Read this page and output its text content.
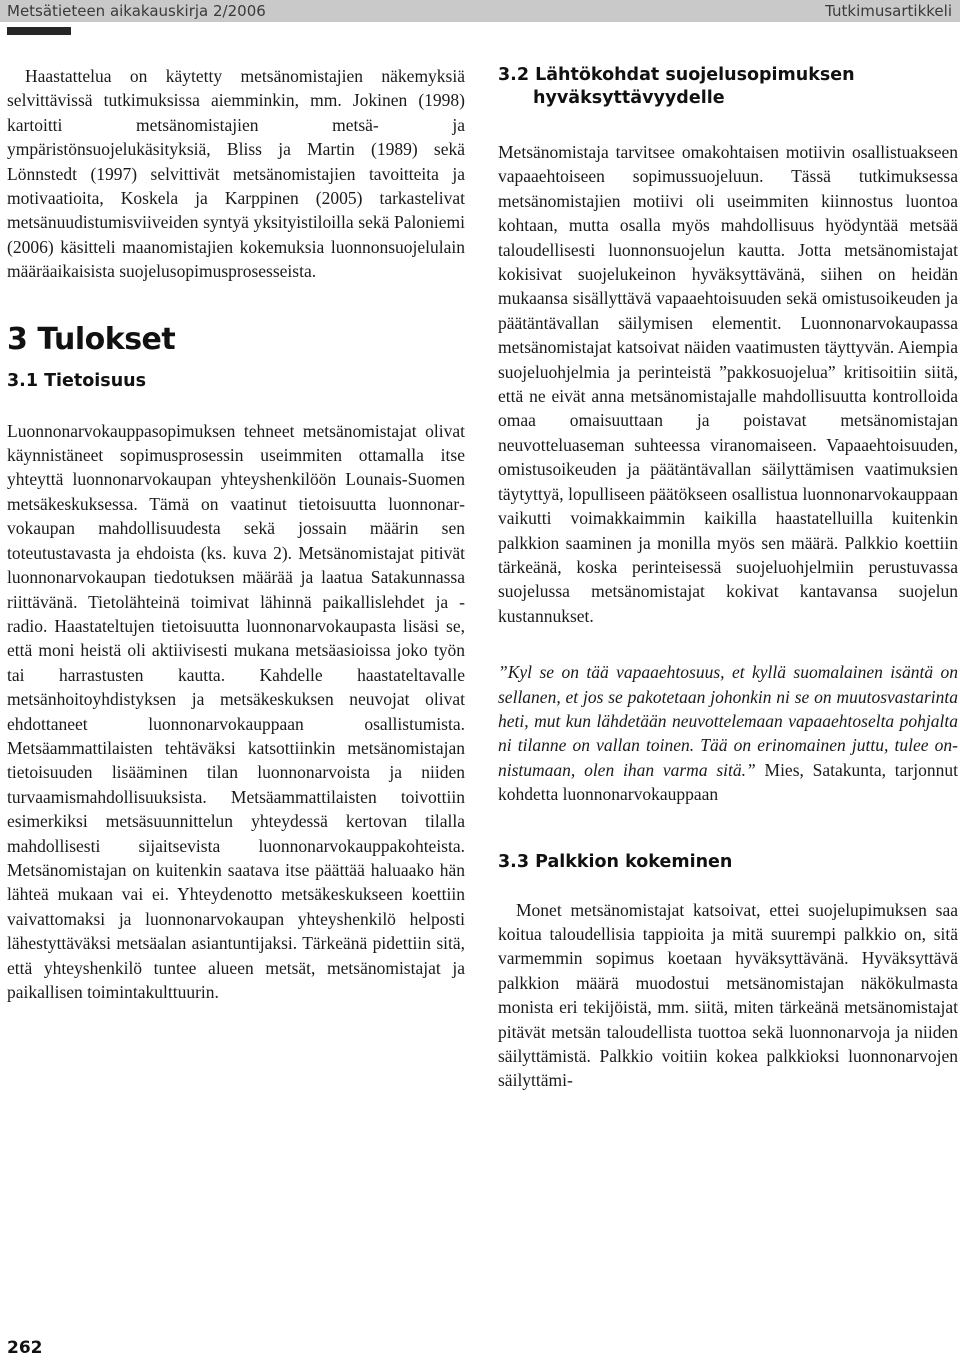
Metsätieteen aikakauskirja 2/2006	Tutkimusartikkeli

Haastattelua on käytetty metsänomistajien näkemyksiä selvittävissä tutkimuksissa aiemminkin, mm. Jokinen (1998) kartoitti metsänomistajien metsä- ja ympäristönsuojelukäsityksiä, Bliss ja Martin (1989) sekä Lönnstedt (1997) selvittivät metsänomistajien tavoitteita ja motivaatioita, Koskela ja Karppinen (2005) tarkastelivat metsänuudistumisviiveiden syntyä yksityistiloilla sekä Paloniemi (2006) käsitteli maanomistajien kokemuksia luonnonsuojelulain määräaikaisista suojelusopimusprosesseista.

3 Tulokset
3.1 Tietoisuus

Luonnonarvokauppasopimuksen tehneet metsänomistajat olivat käynnistäneet sopimusprosessin useimmiten ottamalla itse yhteyttä luonnonarvokaupan yhteyshenkilöön Lounais-Suomen metsäkeskuksessa. Tämä on vaatinut tietoisuutta luonnonarvokaupan mahdollisuudesta sekä jossain määrin sen toteutustavasta ja ehdoista (ks. kuva 2). Metsänomistajat pitivät luonnonarvokaupan tiedotuksen määrää ja laatua Satakunnassa riittävänä. Tietolähteinä toimivat lähinnä paikallislehdet ja -radio. Haastateltujen tietoisuutta luonnonarvokaupasta lisäsi se, että moni heistä oli aktiivisesti mukana metsäasioissa joko työn tai harrastusten kautta. Kahdelle haastateltavalle metsänhoitoyhdistyksen ja metsäkeskuksen neuvojat olivat ehdottaneet luonnonarvokauppaan osallistumista. Metsäammattilaisten tehtäväksi katsottiinkin metsänomistajan tietoisuuden lisääminen tilan luonnonarvoista ja niiden turvaamismahdollisuuksista. Metsäammattilaisten toivottiin esimerkiksi metsäsuunnittelun yhteydessä kertovan tilalla mahdollisesti sijaitsevista luonnonarvokauppakohteista. Metsänomistajan on kuitenkin saatava itse päättää haluaako hän lähteä mukaan vai ei. Yhteydenotto metsäkeskukseen koettiin vaivattomaksi ja luonnonarvokaupan yhteyshenkilö helposti lähestyttäväksi metsäalan asiantuntijaksi. Tärkeänä pidettiin sitä, että yhteyshenkilö tuntee alueen metsät, metsänomistajat ja paikallisen toimintakulttuurin.

3.2 Lähtökohdat suojelusopimuksen
hyväksyttävyydelle

Metsänomistaja tarvitsee omakohtaisen motiivin osallistuakseen vapaaehtoiseen sopimussuojeluun. Tässä tutkimuksessa metsänomistajien motiivi oli useimmiten kiinnostus luontoa kohtaan, mutta osalla myös mahdollisuus hyödyntää metsää taloudellisesti luonnonsuojelun kautta. Jotta metsänomistajat kokisivat suojelukeinon hyväksyttävänä, siihen on heidän mukaansa sisällyttävä vapaaehtoisuuden sekä omistusoikeuden ja päätäntävallan säilymisen elementit. Luonnonarvokaupassa metsänomistajat katsoivat näiden vaatimusten täyttyvän. Aiempia suojeluohjelmia ja perinteistä ”pakkosuojelua” kritisoitiin siitä, että ne eivät anna metsänomistajalle mahdollisuutta kontrolloida omaa omaisuuttaan ja poistavat metsänomistajan neuvotteluaseman suhteessa viranomaiseen. Vapaaehtoisuuden, omistusoikeuden ja päätäntävallan säilyttämisen vaatimuksien täytyttyä, lopulliseen päätökseen osallistua luonnonarvokauppaan vaikutti voimakkaimmin kaikilla haastatelluilla kuitenkin palkkion saaminen ja monilla myös sen määrä. Palkkio koettiin tärkeänä, koska perinteisessä suojeluohjelmiin perustuvassa suojelussa metsänomistajat kokivat kantavansa suojelun kustannukset.

”Kyl se on tää vapaaehtosuus, et kyllä suomalainen isäntä on sellanen, et jos se pakotetaan johonkin ni se on muutosvastarinta heti, mut kun lähdetään neuvottelemaan vapaaehtoselta pohjalta ni tilanne on vallan toinen. Tää on erinomainen juttu, tulee onnistumaan, olen ihan varma sitä.” Mies, Satakunta, tarjonnut kohdetta luonnonarvokauppaan

3.3 Palkkion kokeminen

Monet metsänomistajat katsoivat, ettei suojelupimuksen saa koitua taloudellisia tappioita ja mitä suurempi palkkio on, sitä varmemmin sopimus koetaan hyväksyttävänä. Hyväksyttävä palkkion määrä muodostui metsänomistajan näkökulmasta monista eri tekijöistä, mm. siitä, miten tärkeänä metsänomistajat pitävät metsän taloudellista tuottoa sekä luonnonarvoja ja niiden säilyttämistä. Palkkio voitiin kokea palkkioksi luonnonarvojen säilyttämi-

262
